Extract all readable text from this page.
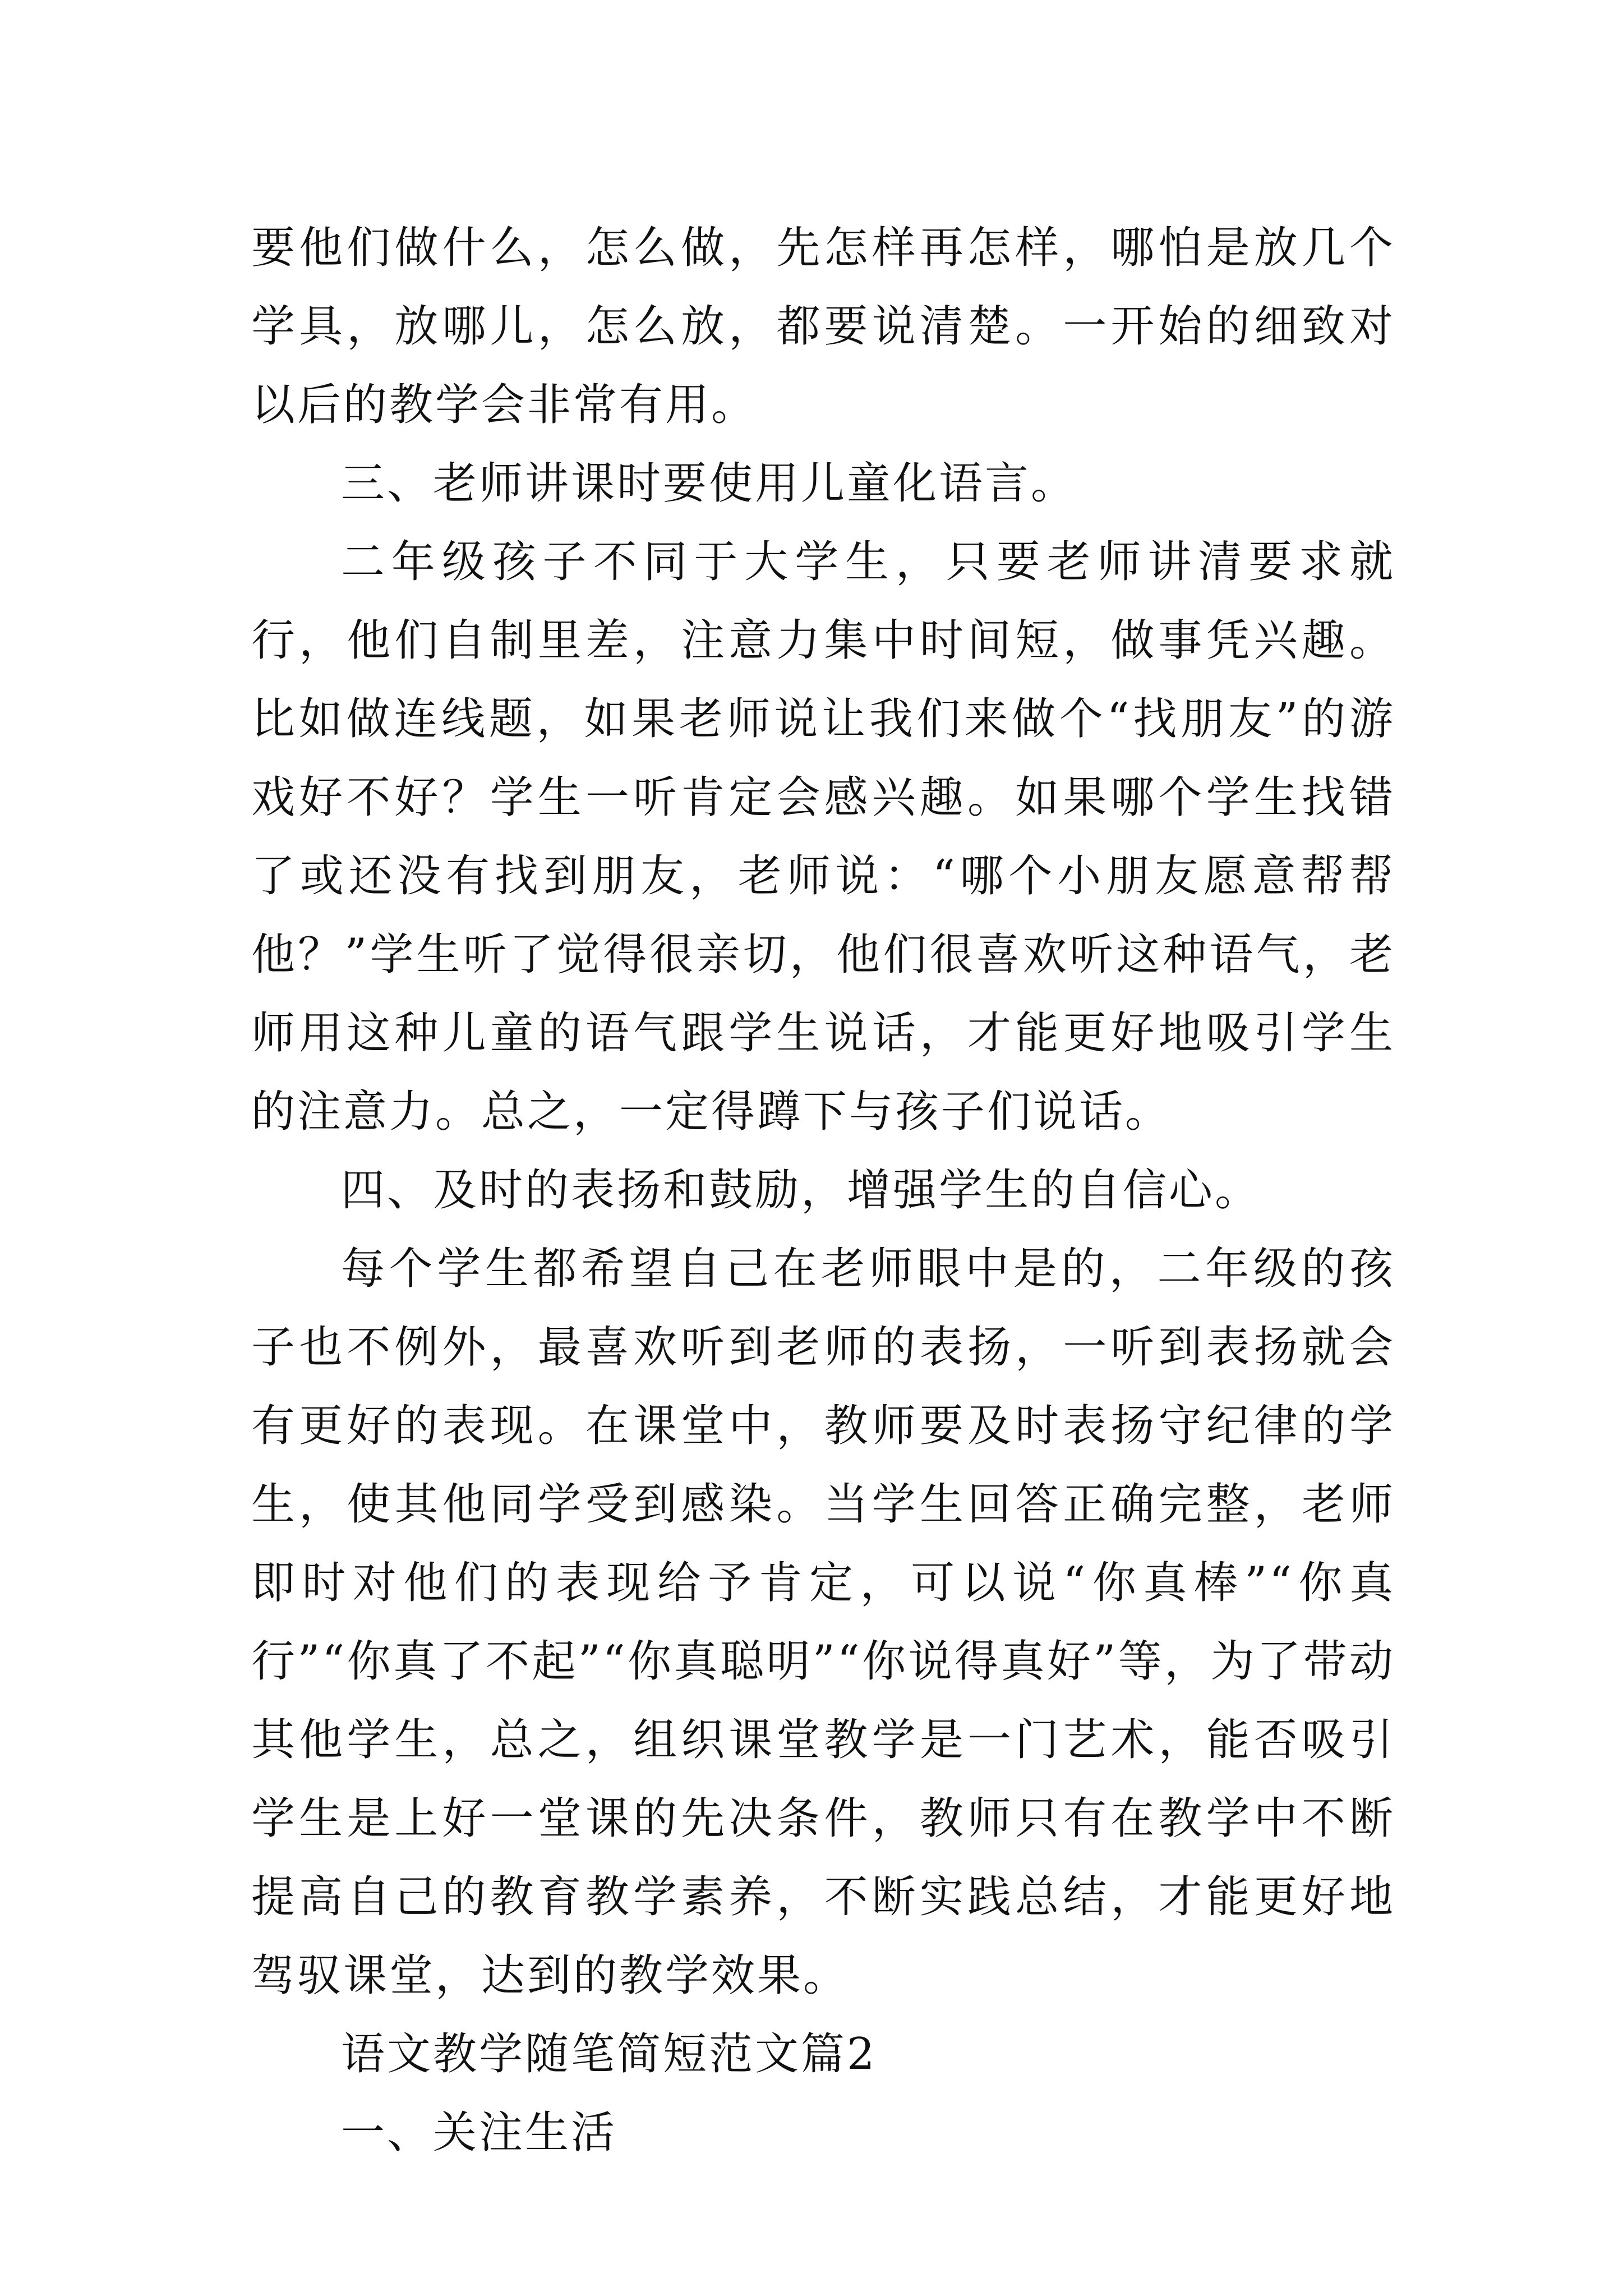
要他们做什么，怎么做，先怎样再怎样，哪怕是放几个学具，放哪儿，怎么放，都要说清楚。一开始的细致对以后的教学会非常有用。

三、老师讲课时要使用儿童化语言。

二年级孩子不同于大学生，只要老师讲清要求就行，他们自制里差，注意力集中时间短，做事凭兴趣。比如做连线题，如果老师说让我们来做个“找朋友”的游戏好不好？学生一听肯定会感兴趣。如果哪个学生找错了或还没有找到朋友，老师说：“哪个小朋友愿意帮帮他？”学生听了觉得很亲切，他们很喜欢听这种语气，老师用这种儿童的语气跟学生说话，才能更好地吸引学生的注意力。总之，一定得蹲下与孩子们说话。

四、及时的表扬和鼓励，增强学生的自信心。

每个学生都希望自己在老师眼中是的，二年级的孩子也不例外，最喜欢听到老师的表扬，一听到表扬就会有更好的表现。在课堂中，教师要及时表扬守纪律的学生，使其他同学受到感染。当学生回答正确完整，老师即时对他们的表现给予肯定，可以说“你真棒”“你真行”“你真了不起”“你真聪明”“你说得真好”等，为了带动其他学生，总之，组织课堂教学是一门艺术，能否吸引学生是上好一堂课的先决条件，教师只有在教学中不断提高自己的教育教学素养，不断实践总结，才能更好地驾驭课堂，达到的教学效果。

语文教学随笔简短范文篇2

一、关注生活
